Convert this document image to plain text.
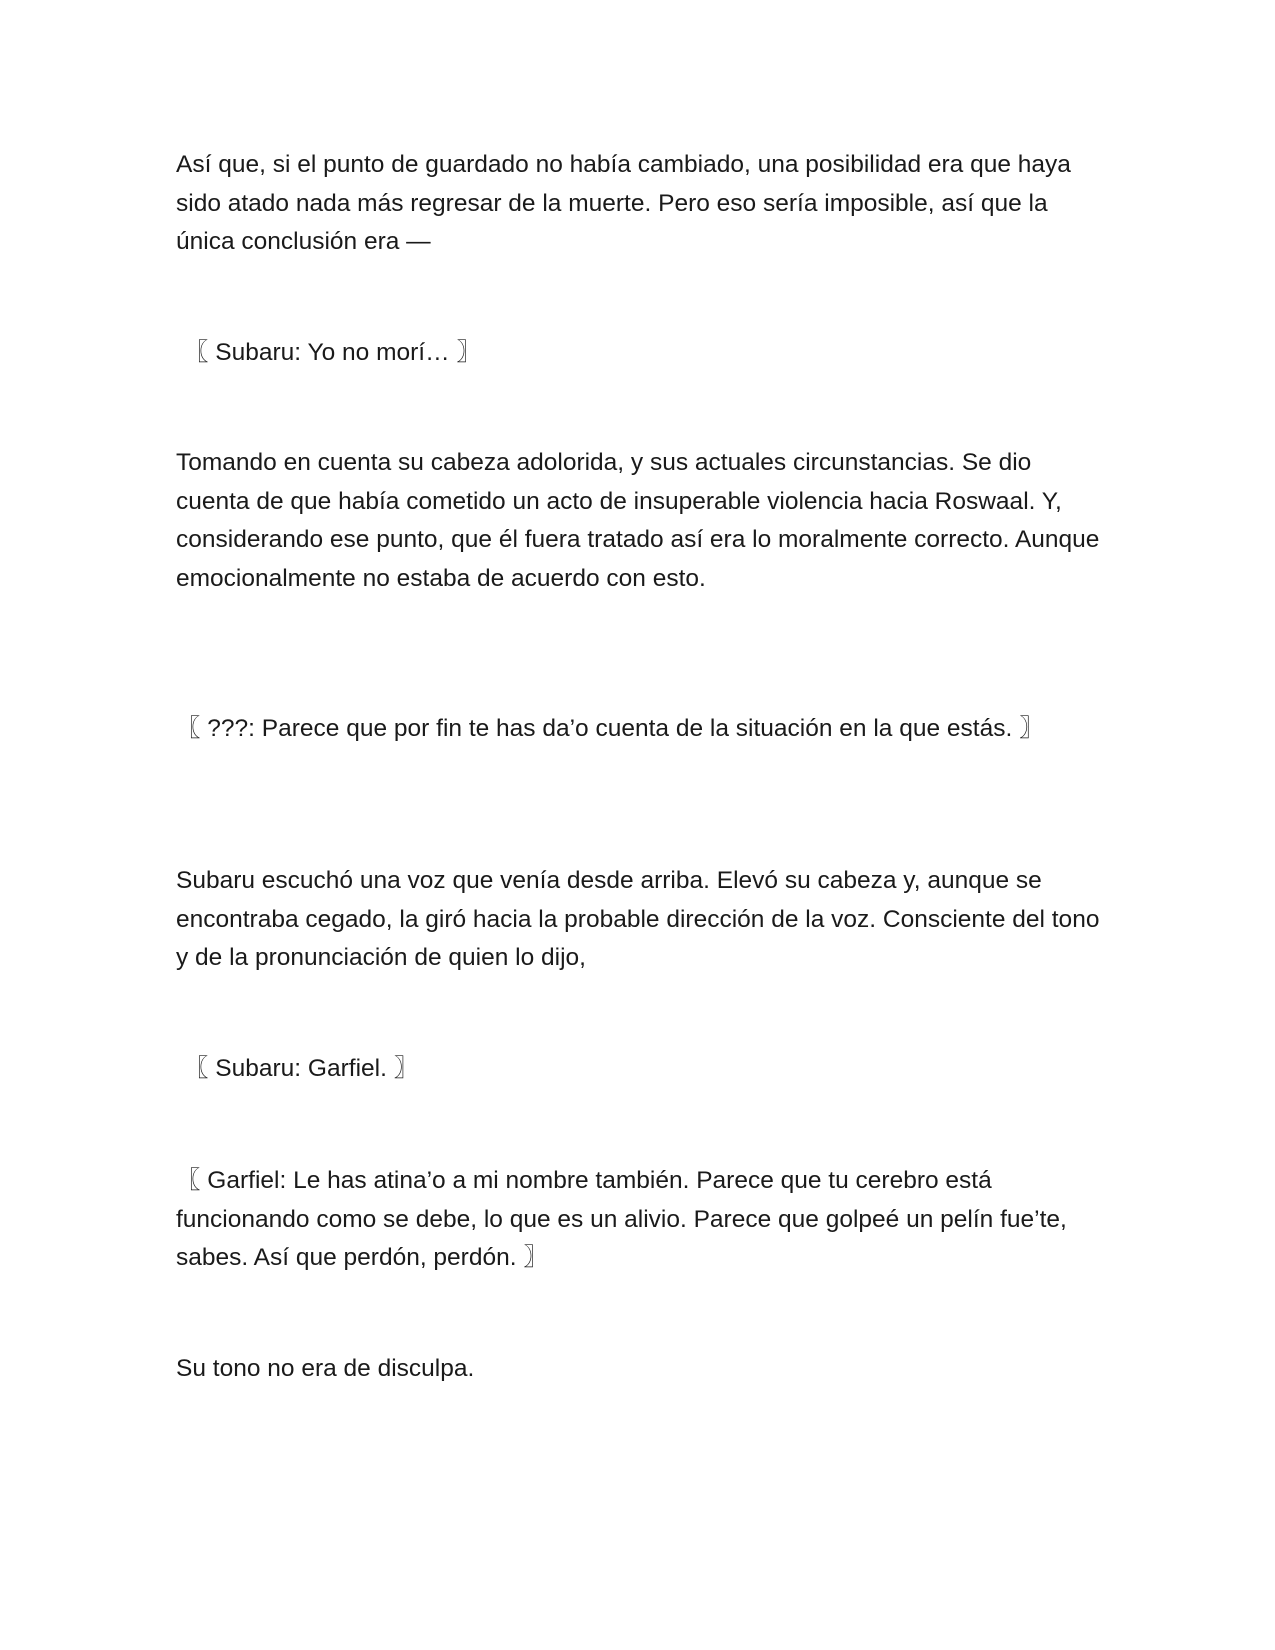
Así que, si el punto de guardado no había cambiado, una posibilidad era que haya sido atado nada más regresar de la muerte. Pero eso sería imposible, así que la única conclusión era —

〖 Subaru: Yo no morí… 〗

Tomando en cuenta su cabeza adolorida, y sus actuales circunstancias. Se dio cuenta de que había cometido un acto de insuperable violencia hacia Roswaal. Y, considerando ese punto, que él fuera tratado así era lo moralmente correcto. Aunque emocionalmente no estaba de acuerdo con esto.

〖 ???: Parece que por fin te has da’o cuenta de la situación en la que estás. 〗

Subaru escuchó una voz que venía desde arriba. Elevó su cabeza y, aunque se encontraba cegado, la giró hacia la probable dirección de la voz. Consciente del tono y de la pronunciación de quien lo dijo,

〖 Subaru: Garfiel. 〗

〖 Garfiel: Le has atina’o a mi nombre también. Parece que tu cerebro está funcionando como se debe, lo que es un alivio. Parece que golpeé un pelín fue’te, sabes. Así que perdón, perdón. 〗

Su tono no era de disculpa.
